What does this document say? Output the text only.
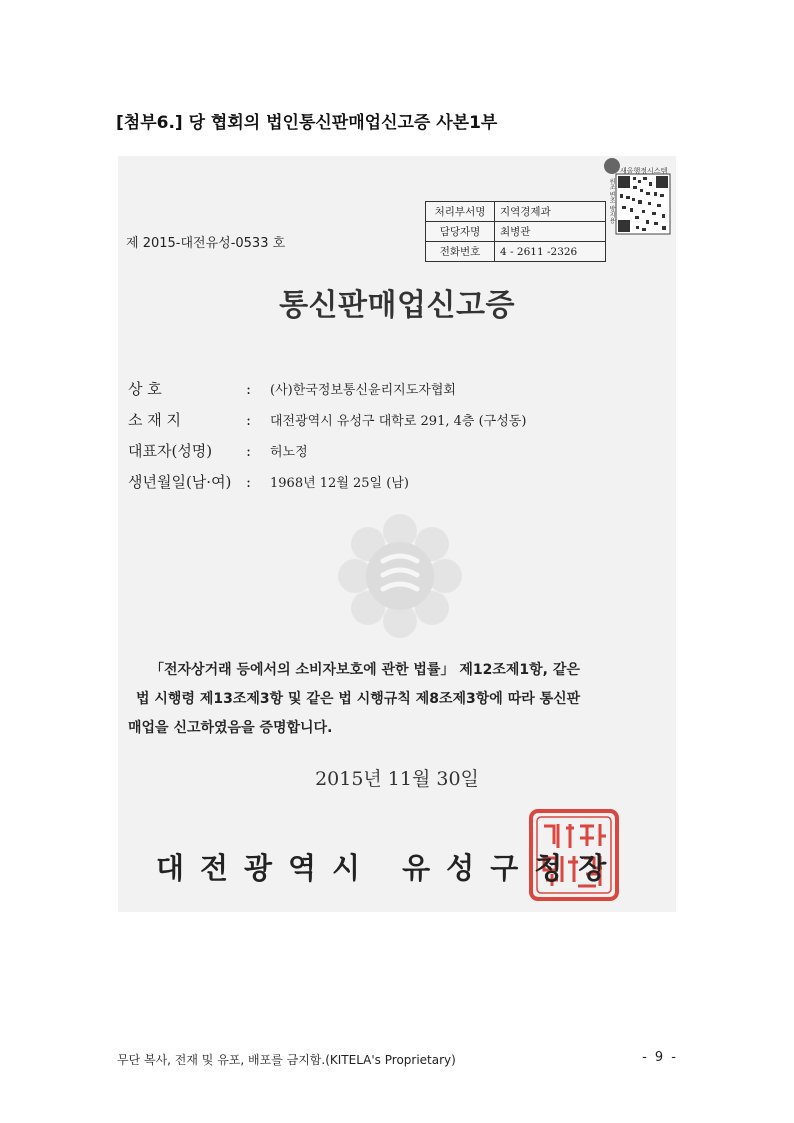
[첨부6.] 당 협회의 법인통신판매업신고증 사본1부
제 2015-대전유성-0533 호
처리부서명	지역경제과
담당자명	최병관
전화번호	4 - 2611 -2326
새올행정시스템
위조 변조 방지용
통신판매업신고증
상 호	:	(사)한국정보통신윤리지도자협회
소 재 지	:	대전광역시 유성구 대학로 291, 4층 (구성동)
대표자(성명)	:	허노정
생년월일(남·여) :	1968년 12월 25일 (남)

「전자상거래 등에서의 소비자보호에 관한 법률」 제12조제1항, 같은

법 시행령 제13조제3항 및 같은 법 시행규칙 제8조제3항에 따라 통신판

매업을 신고하였음을 증명합니다.

2015년 11월 30일
대전광역시 유성구청장
무단 복사, 전재 및 유포, 배포를 금지함.(KITELA's Proprietary)	- 9 -
